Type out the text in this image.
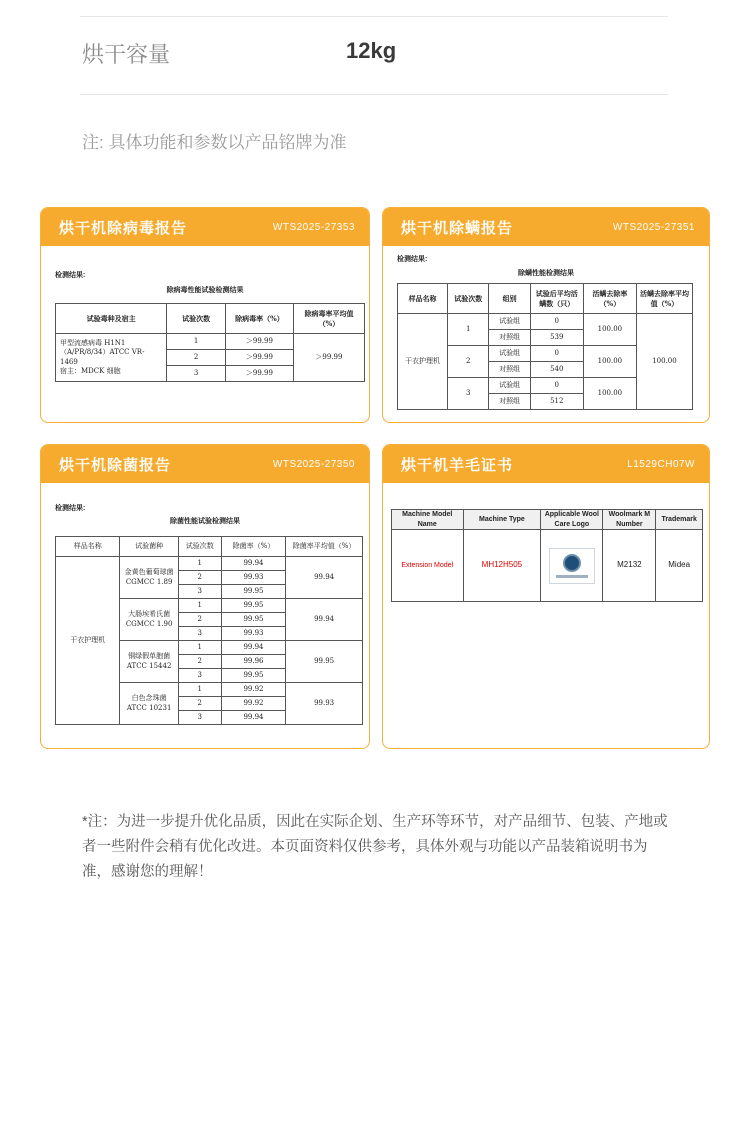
烘干容量	12kg
注: 具体功能和参数以产品铭牌为准
烘干机除病毒报告	WTS2025-27353
检测结果:
除病毒性能试验检测结果
试验毒种及宿主	试验次数	除病毒率（%）	除病毒率平均值（%）

甲型流感病毒 H1N1（A/PR/8/34）ATCC VR-1469
宿主：MDCK 细胞	1	＞99.99	＞99.99
	2	＞99.99	
	3	＞99.99	
烘干机除螨报告	WTS2025-27351
检测结果:
除螨性能检测结果
样品名称	试验次数	组别	试验后平均活螨数（只）	活螨去除率（%）	活螨去除率平均值（%）
干衣护理机	1	试验组	0	100.00	100.00
		对照组	539		
	2	试验组	0	100.00	
		对照组	540		
	3	试验组	0	100.00	
		对照组	512		
烘干机除菌报告	WTS2025-27350
检测结果:
除菌性能试验检测结果
样品名称	试验菌种	试验次数	除菌率（%）	除菌率平均值（%）
干衣护理机	金黄色葡萄球菌 CGMCC 1.89	1	99.94	99.94
		2	99.93	
		3	99.95	
	大肠埃希氏菌 CGMCC 1.90	1	99.95	99.94
		2	99.95	
		3	99.93	
	铜绿假单胞菌 ATCC 15442	1	99.94	99.95
		2	99.96	
		3	99.95	
	白色念珠菌 ATCC 10231	1	99.92	99.93
		2	99.92	
		3	99.94	
烘干机羊毛证书	L1529CH07W
Machine Model Name	Machine Type	Applicable Wool Care Logo	Woolmark M Number	Trademark
Extension Model	MH12H505		M2132	Midea
*注：为进一步提升优化品质，因此在实际企划、生产环等环节，对产品细节、包装、产地或者一些附件会稍有优化改进。本页面资料仅供参考，具体外观与功能以产品装箱说明书为准，感谢您的理解！
